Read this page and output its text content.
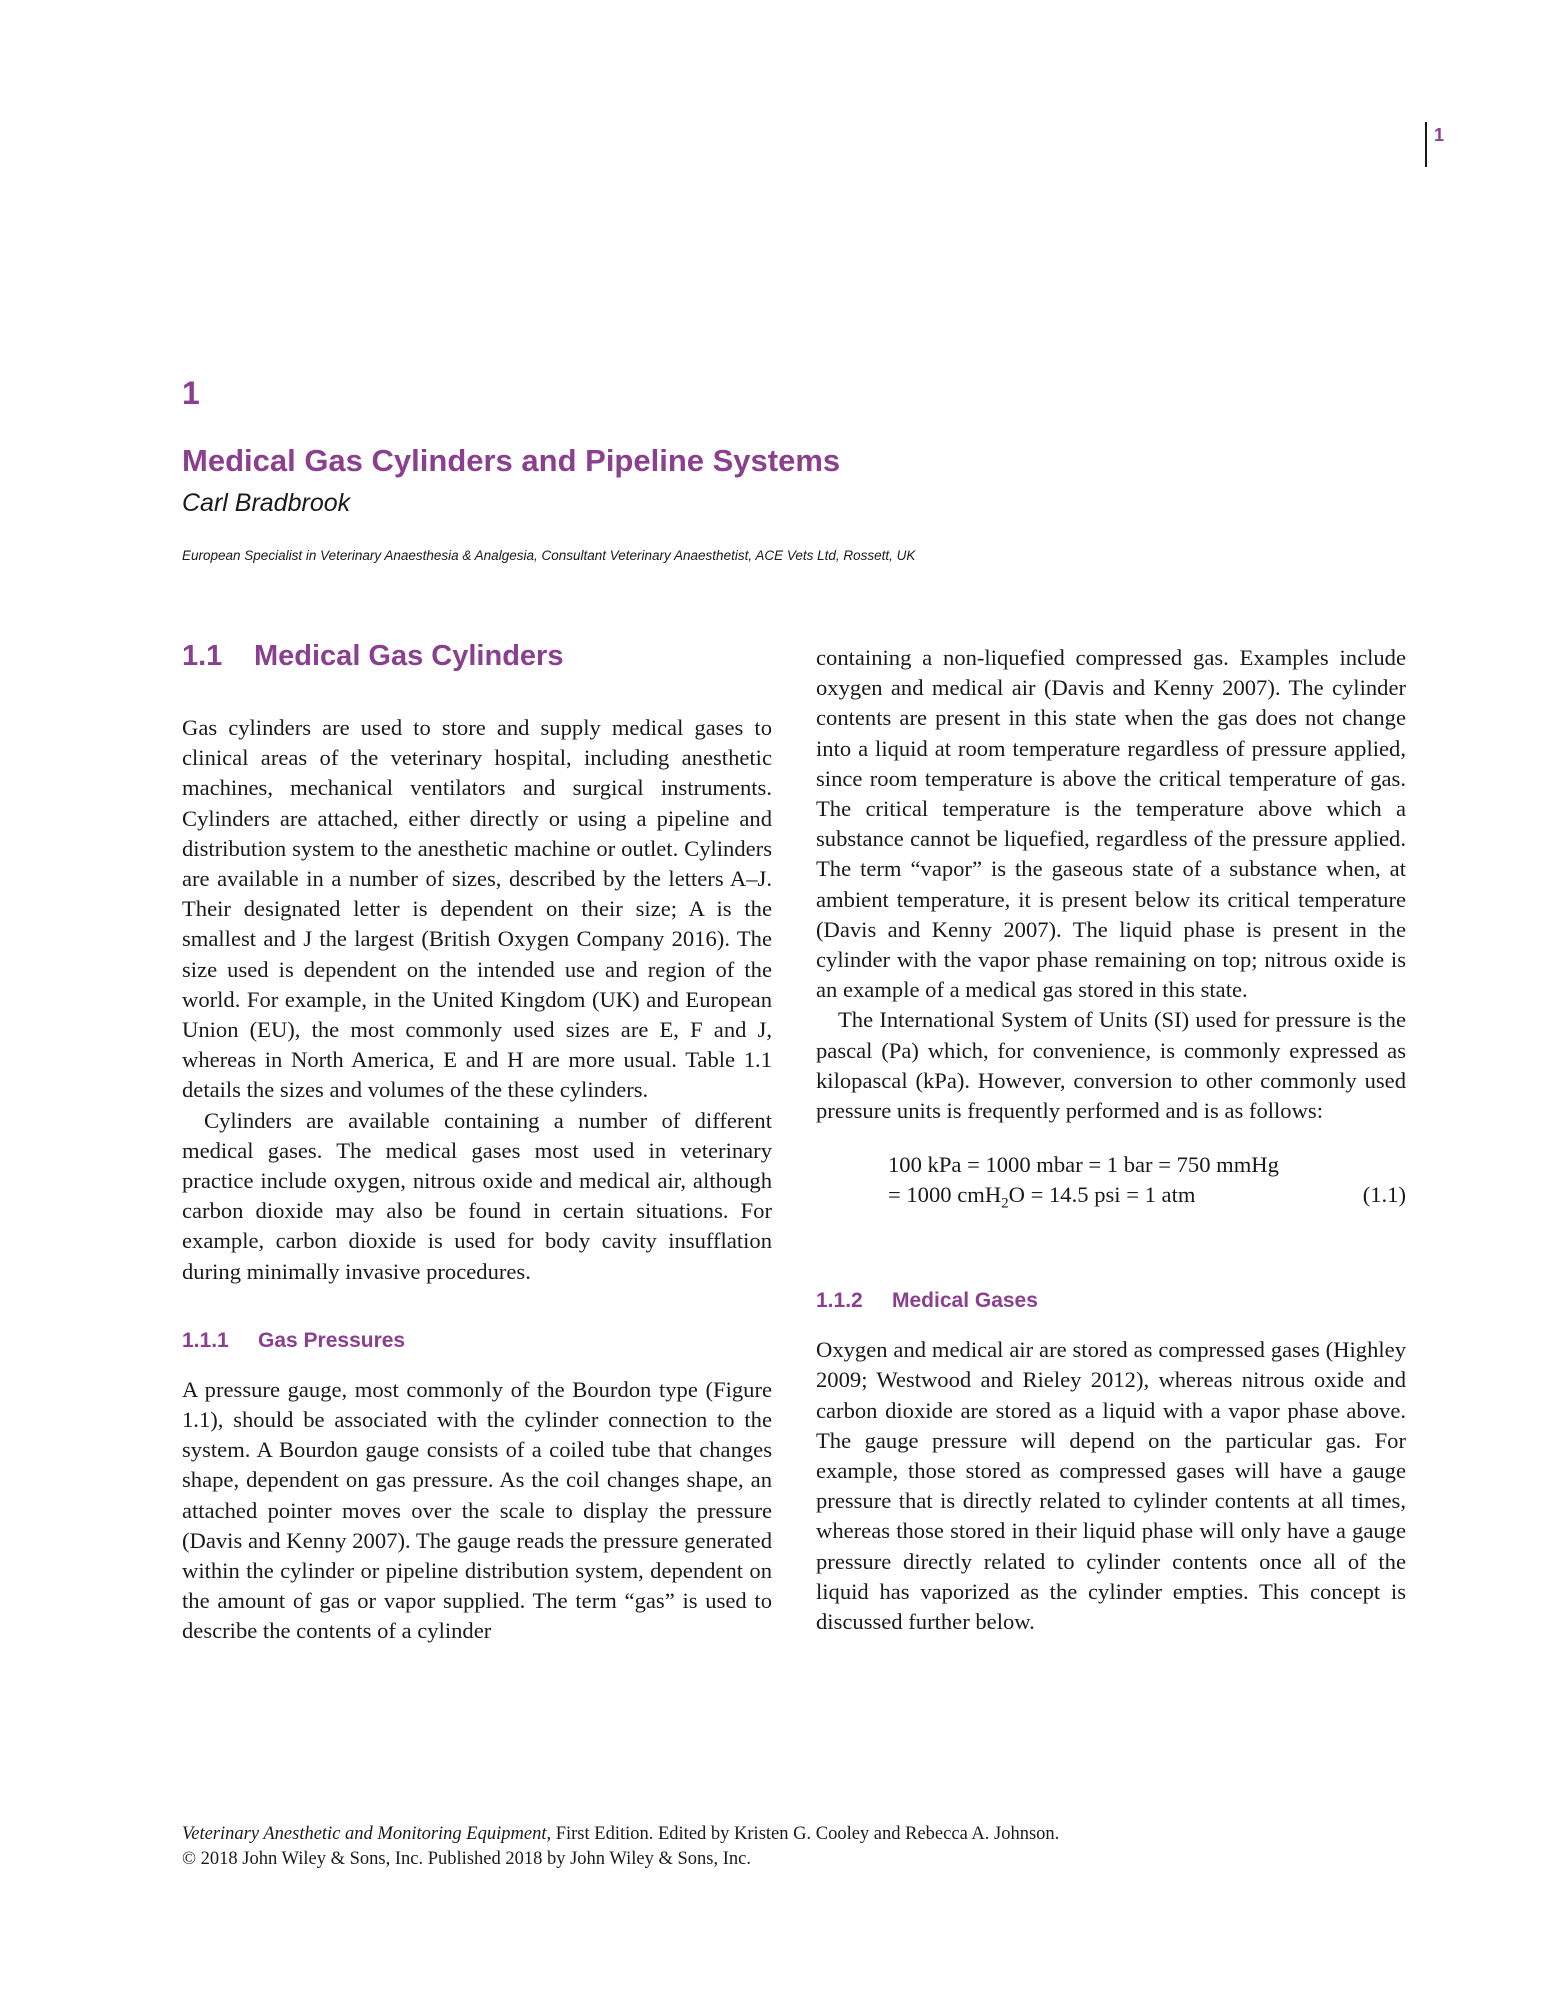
1
1
Medical Gas Cylinders and Pipeline Systems
Carl Bradbrook
European Specialist in Veterinary Anaesthesia & Analgesia, Consultant Veterinary Anaesthetist, ACE Vets Ltd, Rossett, UK
1.1 Medical Gas Cylinders

Gas cylinders are used to store and supply medical gases to clinical areas of the veterinary hospital, including anesthetic machines, mechanical ventilators and surgical instruments. Cylinders are attached, either directly or using a pipeline and distribution system to the anesthetic machine or outlet. Cylinders are available in a number of sizes, described by the letters A–J. Their designated letter is dependent on their size; A is the smallest and J the largest (British Oxygen Company 2016). The size used is dependent on the intended use and region of the world. For example, in the United Kingdom (UK) and European Union (EU), the most commonly used sizes are E, F and J, whereas in North America, E and H are more usual. Table 1.1 details the sizes and volumes of the these cylinders.

Cylinders are available containing a number of different medical gases. The medical gases most used in veterinary practice include oxygen, nitrous oxide and medical air, although carbon dioxide may also be found in certain situations. For example, carbon dioxide is used for body cavity insufflation during minimally invasive procedures.

1.1.1 Gas Pressures

A pressure gauge, most commonly of the Bourdon type (Figure 1.1), should be associated with the cylinder connection to the system. A Bourdon gauge consists of a coiled tube that changes shape, dependent on gas pressure. As the coil changes shape, an attached pointer moves over the scale to display the pressure (Davis and Kenny 2007). The gauge reads the pressure generated within the cylinder or pipeline distribution system, dependent on the amount of gas or vapor supplied. The term “gas” is used to describe the contents of a cylinder

containing a non-liquefied compressed gas. Examples include oxygen and medical air (Davis and Kenny 2007). The cylinder contents are present in this state when the gas does not change into a liquid at room temperature regardless of pressure applied, since room temperature is above the critical temperature of gas. The critical temperature is the temperature above which a substance cannot be liquefied, regardless of the pressure applied. The term “vapor” is the gaseous state of a substance when, at ambient temperature, it is present below its critical temperature (Davis and Kenny 2007). The liquid phase is present in the cylinder with the vapor phase remaining on top; nitrous oxide is an example of a medical gas stored in this state.

The International System of Units (SI) used for pressure is the pascal (Pa) which, for convenience, is commonly expressed as kilopascal (kPa). However, conversion to other commonly used pressure units is frequently performed and is as follows:

100 kPa = 1000 mbar = 1 bar = 750 mmHg
= 1000 cmH$_2$O = 14.5 psi = 1 atm	(1.1)
1.1.2 Medical Gases

Oxygen and medical air are stored as compressed gases (Highley 2009; Westwood and Rieley 2012), whereas nitrous oxide and carbon dioxide are stored as a liquid with a vapor phase above. The gauge pressure will depend on the particular gas. For example, those stored as compressed gases will have a gauge pressure that is directly related to cylinder contents at all times, whereas those stored in their liquid phase will only have a gauge pressure directly related to cylinder contents once all of the liquid has vaporized as the cylinder empties. This concept is discussed further below.

Veterinary Anesthetic and Monitoring Equipment, First Edition. Edited by Kristen G. Cooley and Rebecca A. Johnson.
© 2018 John Wiley & Sons, Inc. Published 2018 by John Wiley & Sons, Inc.
